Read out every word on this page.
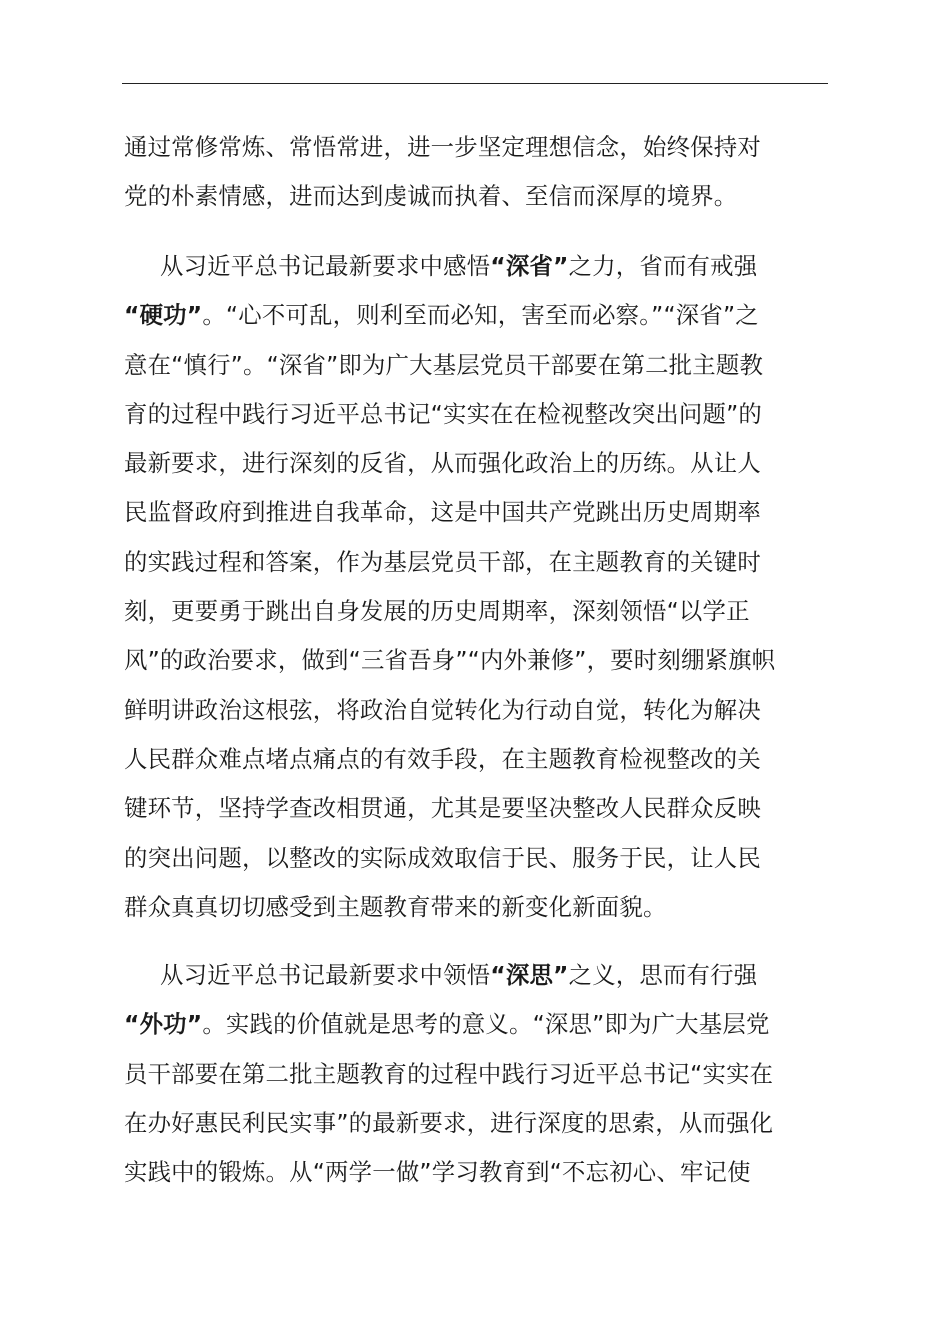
通过常修常炼、常悟常进，进一步坚定理想信念，始终保持对
党的朴素情感，进而达到虔诚而执着、至信而深厚的境界。
从习近平总书记最新要求中感悟“深省”之力，省而有戒强
“硬功”。“心不可乱，则利至而必知，害至而必察。”“深省”之
意在“慎行”。“深省”即为广大基层党员干部要在第二批主题教
育的过程中践行习近平总书记“实实在在检视整改突出问题”的
最新要求，进行深刻的反省，从而强化政治上的历练。从让人
民监督政府到推进自我革命，这是中国共产党跳出历史周期率
的实践过程和答案，作为基层党员干部，在主题教育的关键时
刻，更要勇于跳出自身发展的历史周期率，深刻领悟“以学正
风”的政治要求，做到“三省吾身”“内外兼修”，要时刻绷紧旗帜
鲜明讲政治这根弦，将政治自觉转化为行动自觉，转化为解决
人民群众难点堵点痛点的有效手段，在主题教育检视整改的关
键环节，坚持学查改相贯通，尤其是要坚决整改人民群众反映
的突出问题，以整改的实际成效取信于民、服务于民，让人民
群众真真切切感受到主题教育带来的新变化新面貌。
从习近平总书记最新要求中领悟“深思”之义，思而有行强
“外功”。实践的价值就是思考的意义。“深思”即为广大基层党
员干部要在第二批主题教育的过程中践行习近平总书记“实实在
在办好惠民利民实事”的最新要求，进行深度的思索，从而强化
实践中的锻炼。从“两学一做”学习教育到“不忘初心、牢记使
